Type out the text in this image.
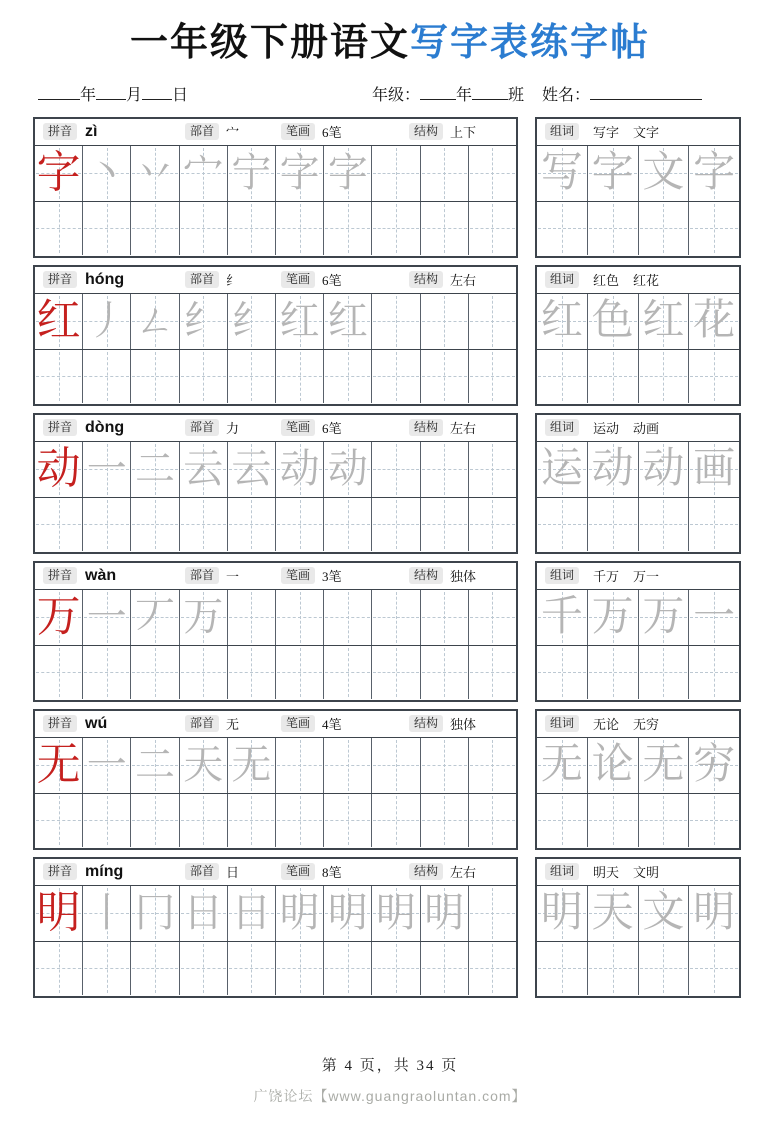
一年级下册语文写字表练字帖
年 月 日	年级： 年 班 姓名：
拼音 zì	部首 宀	笔画 6笔	结构 上下
字 丶 丷 宀 宁 字 字
组词	写字 文字
写 字 文 字
拼音 hóng	部首 纟	笔画 6笔	结构 左右
红 丿 ㄥ 纟 纟 红 红
组词	红色 红花
红 色 红 花
拼音 dòng	部首 力	笔画 6笔	结构 左右
动 一 二 云 云 动 动
组词	运动 动画
运 动 动 画
拼音 wàn	部首 一	笔画 3笔	结构 独体
万 一 丆 万
组词	千万 万一
千 万 万 一
拼音 wú	部首 无	笔画 4笔	结构 独体
无 一 二 天 无
组词	无论 无穷
无 论 无 穷
拼音 míng	部首 日	笔画 8笔	结构 左右
明 丨 冂 日 日 明 明 明 明
组词	明天 文明
明 天 文 明
第 4 页，共 34 页
广饶论坛【www.guangraoluntan.com】
